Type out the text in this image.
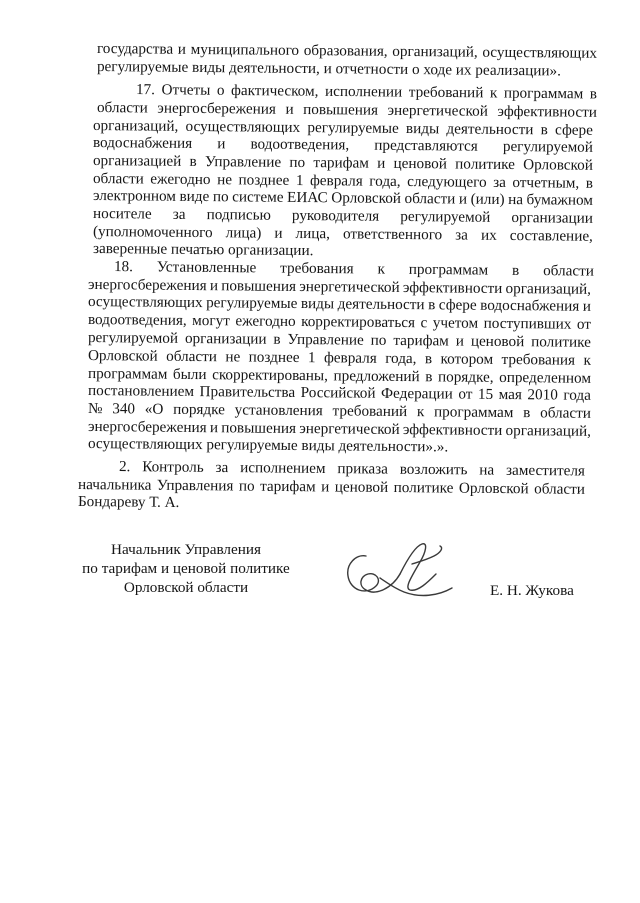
государства и муниципального образования, организаций, осуществляющих
регулируемые виды деятельности, и отчетности о ходе их реализации».
17. Отчеты о фактическом, исполнении требований к программам в
области энергосбережения и повышения энергетической эффективности
организаций, осуществляющих регулируемые виды деятельности в сфере
водоснабжения и водоотведения, представляются регулируемой
организацией в Управление по тарифам и ценовой политике Орловской
области ежегодно не позднее 1 февраля года, следующего за отчетным, в
электронном виде по системе ЕИАС Орловской области и (или) на бумажном
носителе за подписью руководителя регулируемой организации
(уполномоченного лица) и лица, ответственного за их составление,
заверенные печатью организации.
18. Установленные требования к программам в области
энергосбережения и повышения энергетической эффективности организаций,
осуществляющих регулируемые виды деятельности в сфере водоснабжения и
водоотведения, могут ежегодно корректироваться с учетом поступивших от
регулируемой организации в Управление по тарифам и ценовой политике
Орловской области не позднее 1 февраля года, в котором требования к
программам были скорректированы, предложений в порядке, определенном
постановлением Правительства Российской Федерации от 15 мая 2010 года
№ 340 «О порядке установления требований к программам в области
энергосбережения и повышения энергетической эффективности организаций,
осуществляющих регулируемые виды деятельности».».
2. Контроль за исполнением приказа возложить на заместителя
начальника Управления по тарифам и ценовой политике Орловской области
Бондареву Т. А.
Начальник Управления
по тарифам и ценовой политике
Орловской области	Е. Н. Жукова
